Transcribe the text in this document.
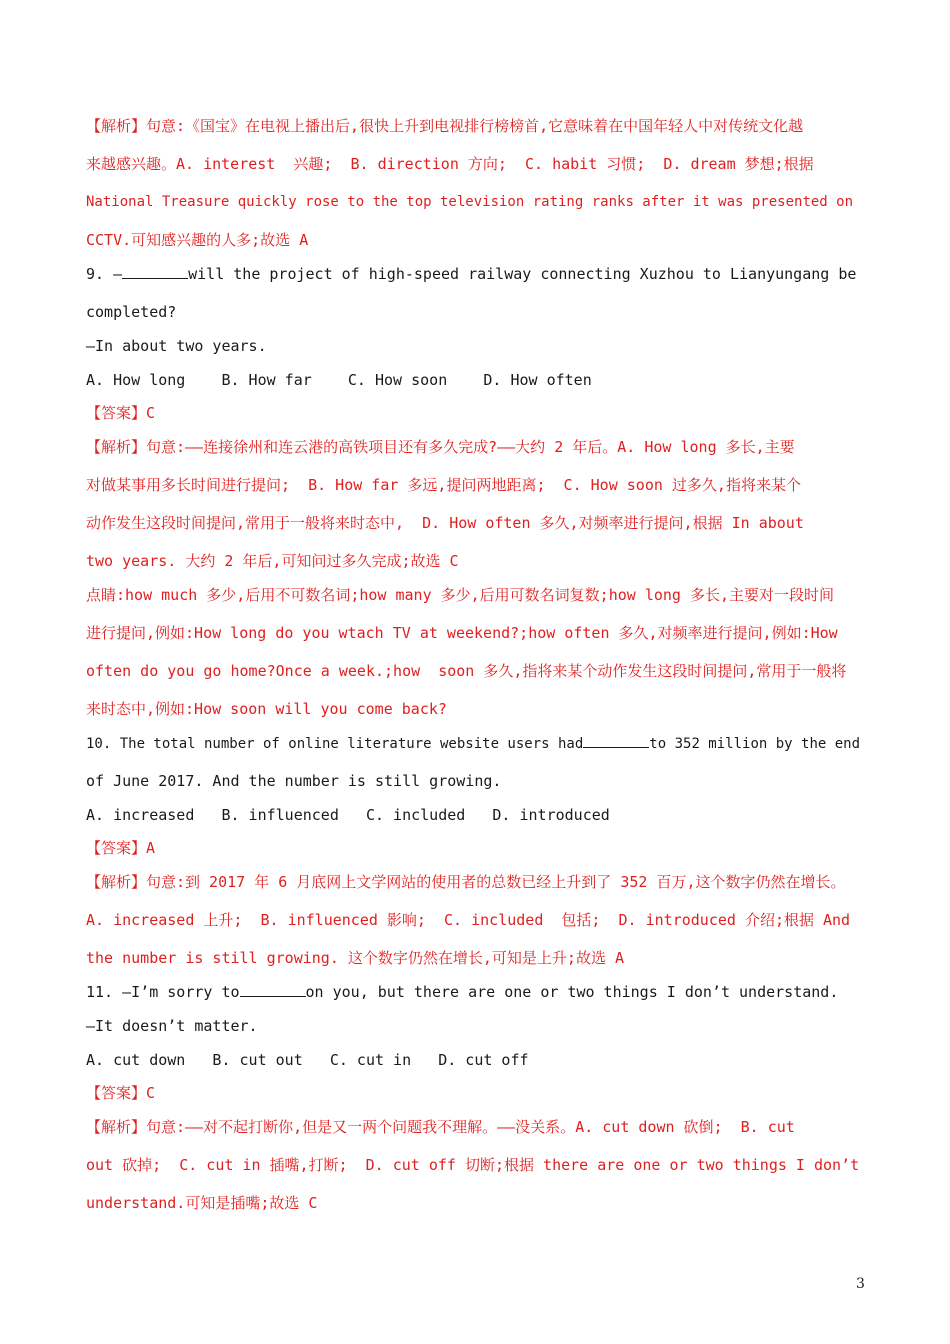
【解析】句意:《国宝》在电视上播出后,很快上升到电视排行榜榜首,它意味着在中国年轻人中对传统文化越
来越感兴趣。A. interest  兴趣;  B. direction 方向;  C. habit 习惯;  D. dream 梦想;根据
National Treasure quickly rose to the top television rating ranks after it was presented on
CCTV.可知感兴趣的人多;故选 A
9. —	will the project of high-speed railway connecting Xuzhou to Lianyungang be
completed?
—In about two years.
A. How long    B. How far    C. How soon    D. How often
【答案】C
【解析】句意:——连接徐州和连云港的高铁项目还有多久完成?——大约 2 年后。A. How long 多长,主要
对做某事用多长时间进行提问;  B. How far 多远,提问两地距离;  C. How soon 过多久,指将来某个
动作发生这段时间提问,常用于一般将来时态中,  D. How often 多久,对频率进行提问,根据 In about
two years. 大约 2 年后,可知问过多久完成;故选 C
点睛:how much 多少,后用不可数名词;how many 多少,后用可数名词复数;how long 多长,主要对一段时间
进行提问,例如:How long do you wtach TV at weekend?;how often 多久,对频率进行提问,例如:How
often do you go home?Once a week.;how  soon 多久,指将来某个动作发生这段时间提问,常用于一般将
来时态中,例如:How soon will you come back?
10. The total number of online literature website users had	to 352 million by the end
of June 2017. And the number is still growing.
A. increased   B. influenced   C. included   D. introduced
【答案】A
【解析】句意:到 2017 年 6 月底网上文学网站的使用者的总数已经上升到了 352 百万,这个数字仍然在增长。
A. increased 上升;  B. influenced 影响;  C. included  包括;  D. introduced 介绍;根据 And
the number is still growing. 这个数字仍然在增长,可知是上升;故选 A
11. —I’m sorry to	on you, but there are one or two things I don’t understand.
—It doesn’t matter.
A. cut down   B. cut out   C. cut in   D. cut off
【答案】C
【解析】句意:——对不起打断你,但是又一两个问题我不理解。——没关系。A. cut down 砍倒;  B. cut
out 砍掉;  C. cut in 插嘴,打断;  D. cut off 切断;根据 there are one or two things I don’t
understand.可知是插嘴;故选 C
3
